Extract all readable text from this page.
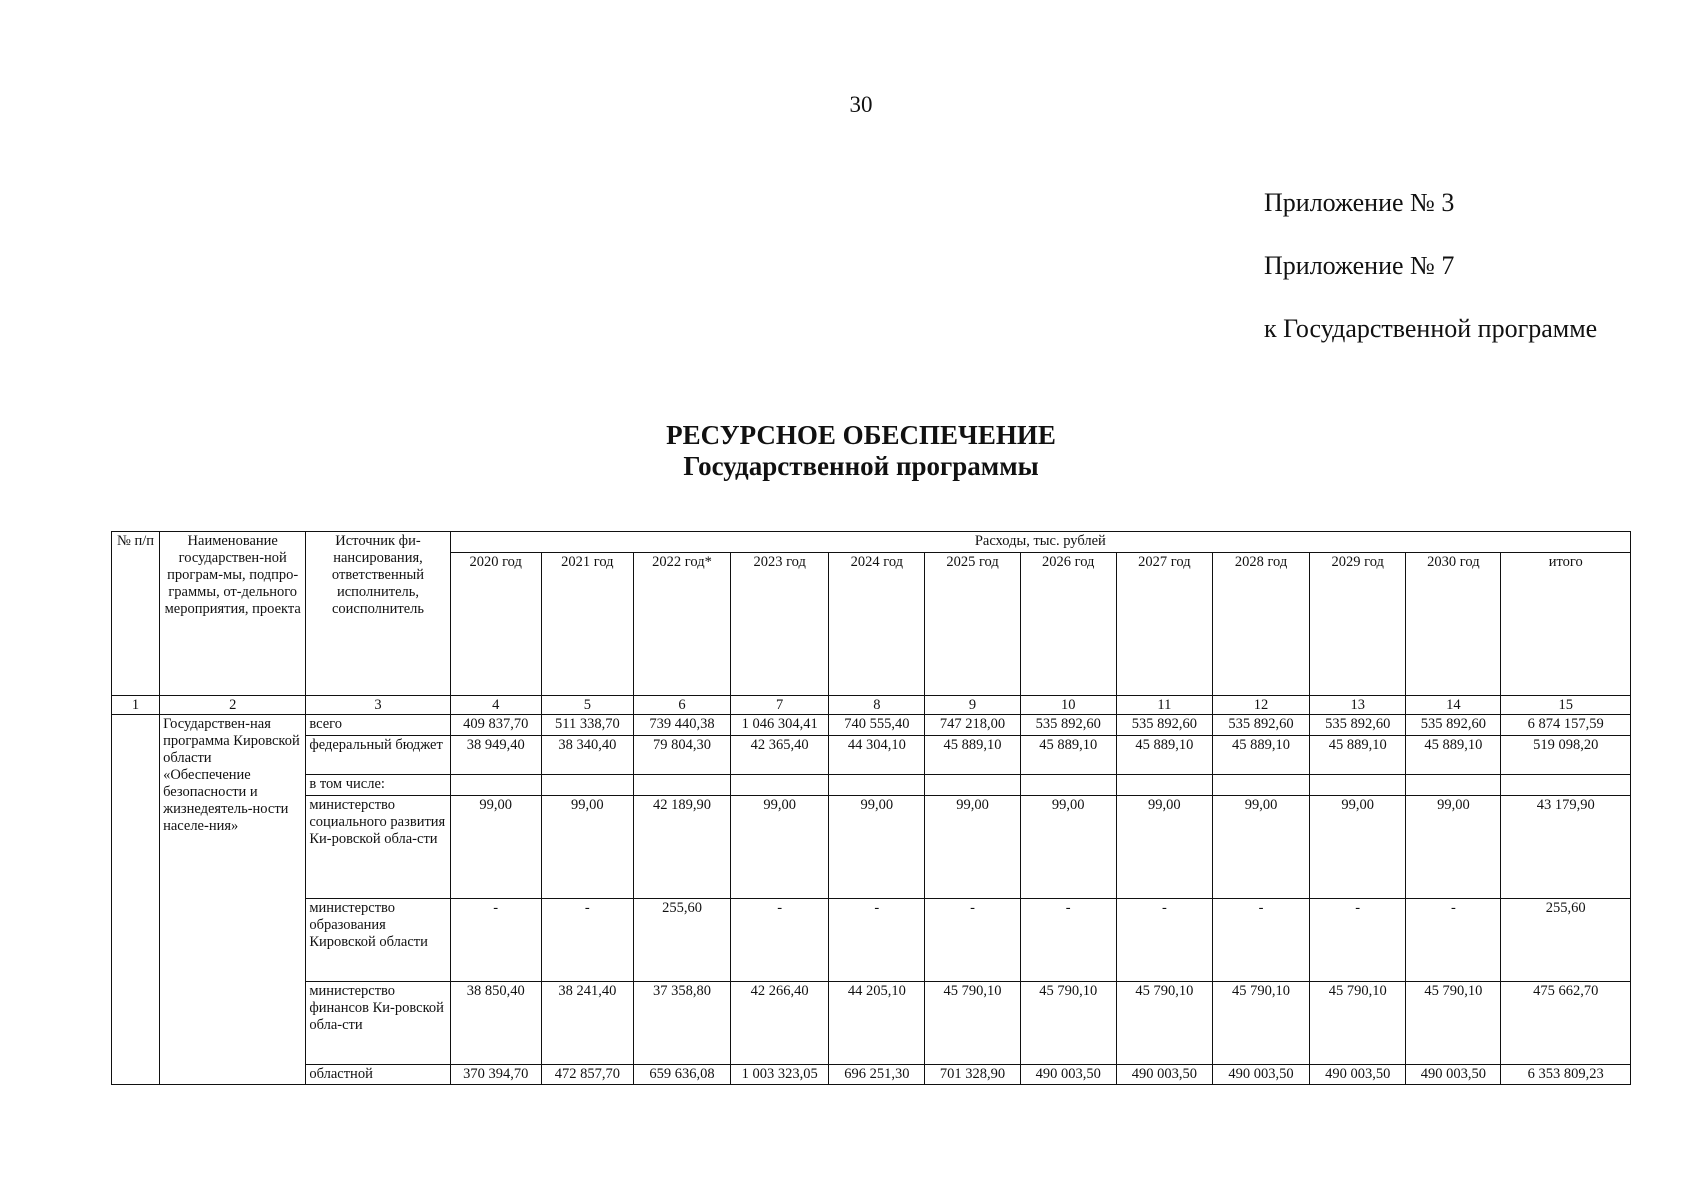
30
Приложение № 3
Приложение № 7
к Государственной программе
РЕСУРСНОЕ ОБЕСПЕЧЕНИЕ
Государственной программы
№ п/п	Наименование государствен-ной програм-мы, подпро-граммы, от-дельного мероприятия, проекта	Источник фи-нансирования, ответственный исполнитель, соисполнитель	Расходы, тыс. рублей											
			2020 год	2021 год	2022 год*	2023 год	2024 год	2025 год	2026 год	2027 год	2028 год	2029 год	2030 год	итого
1	2	3	4	5	6	7	8	9	10	11	12	13	14	15
	Государствен-ная программа Кировской области «Обеспечение безопасности и жизнедеятель-ности населе-ния»	всего	409 837,70	511 338,70	739 440,38	1 046 304,41	740 555,40	747 218,00	535 892,60	535 892,60	535 892,60	535 892,60	535 892,60	6 874 157,59
		федеральный бюджет	38 949,40	38 340,40	79 804,30	42 365,40	44 304,10	45 889,10	45 889,10	45 889,10	45 889,10	45 889,10	45 889,10	519 098,20
		в том числе:												
		министерство социального развития Ки-ровской обла-сти	99,00	99,00	42 189,90	99,00	99,00	99,00	99,00	99,00	99,00	99,00	99,00	43 179,90
		министерство образования Кировской области	-	-	255,60	-	-	-	-	-	-	-	-	255,60
		министерство финансов Ки-ровской обла-сти	38 850,40	38 241,40	37 358,80	42 266,40	44 205,10	45 790,10	45 790,10	45 790,10	45 790,10	45 790,10	45 790,10	475 662,70
		областной	370 394,70	472 857,70	659 636,08	1 003 323,05	696 251,30	701 328,90	490 003,50	490 003,50	490 003,50	490 003,50	490 003,50	6 353 809,23
